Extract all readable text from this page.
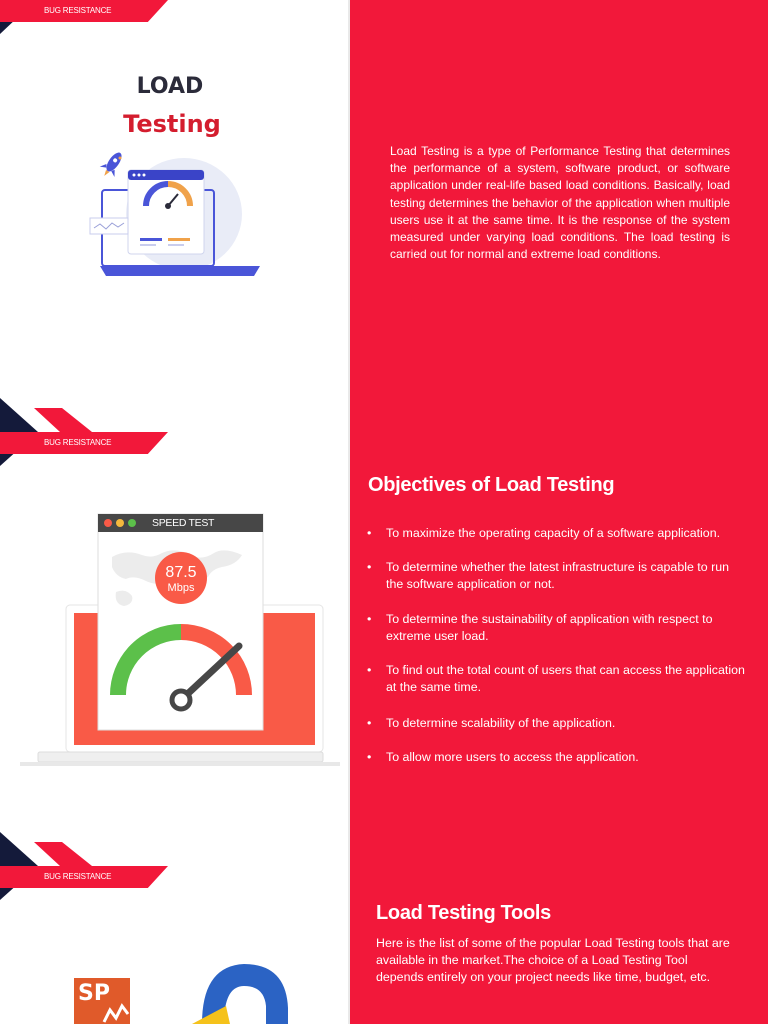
BUG RESISTANCE
LOAD
Testing
Load Testing is a type of Performance Testing that determines the performance of a system, software product, or software application under real-life based load conditions. Basically, load testing determines the behavior of the application when multiple users use it at the same time. It is the response of the system measured under varying load conditions. The load testing is carried out for normal and extreme load conditions.
BUG RESISTANCE
SPEED TEST
87.5
Mbps
Objectives of Load Testing
• To maximize the operating capacity of a software application.
• To determine whether the latest infrastructure is capable to run the software application or not.
• To determine the sustainability of application with respect to extreme user load.
• To find out the total count of users that can access the application at the same time.
• To determine scalability of the application.
• To allow more users to access the application.
BUG RESISTANCE
Load Testing Tools
Here is the list of some of the popular Load Testing tools that are available in the market.The choice of a Load Testing Tool depends entirely on your project needs like time, budget, etc.
SP
